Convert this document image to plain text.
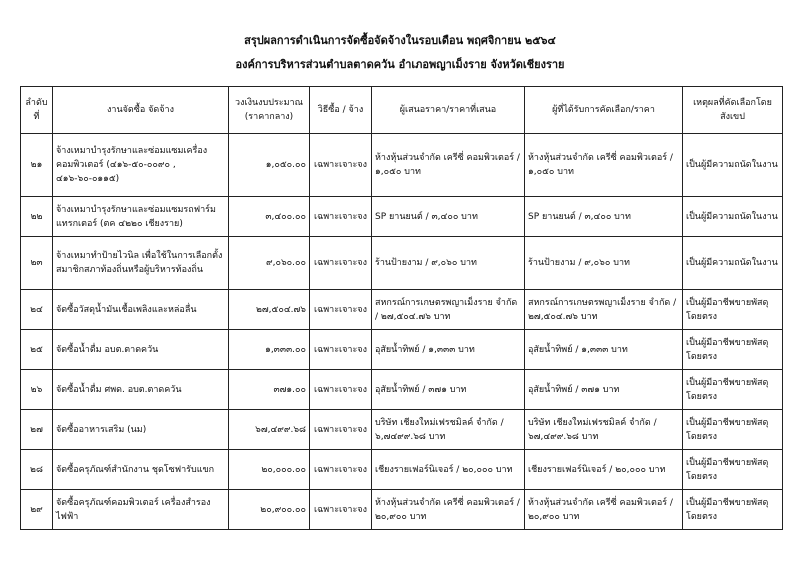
สรุปผลการดำเนินการจัดซื้อจัดจ้างในรอบเดือน พฤศจิกายน ๒๕๖๔
องค์การบริหารส่วนตำบลตาดควัน อำเภอพญาเม็งราย จังหวัดเชียงราย
ลำดับที่	งานจัดซื้อ จัดจ้าง	วงเงินงบประมาณ (ราคากลาง)	วิธีซื้อ / จ้าง	ผู้เสนอราคา/ราคาที่เสนอ	ผู้ที่ได้รับการคัดเลือก/ราคา	เหตุผลที่คัดเลือกโดยสังเขป
๒๑	จ้างเหมาบำรุงรักษาและซ่อมแซมเครื่องคอมพิวเตอร์ (๔๑๖-๕๐-๐๐๙๐ , ๔๑๖-๖๐-๐๑๑๕)	๑,๐๕๐.๐๐	เฉพาะเจาะจง	ห้างหุ้นส่วนจำกัด เครีซี่ คอมพิวเตอร์ / ๑,๐๕๐ บาท	ห้างหุ้นส่วนจำกัด เครีซี่ คอมพิวเตอร์ / ๑,๐๕๐ บาท	เป็นผู้มีความถนัดในงาน
๒๒	จ้างเหมาบำรุงรักษาและซ่อมแซมรถฟาร์มแทรกเตอร์ (ตค ๔๒๒๐ เชียงราย)	๓,๔๐๐.๐๐	เฉพาะเจาะจง	SP ยานยนต์ / ๓,๔๐๐ บาท	SP ยานยนต์ / ๓,๔๐๐ บาท	เป็นผู้มีความถนัดในงาน
๒๓	จ้างเหมาทำป้ายไวนิล เพื่อใช้ในการเลือกตั้งสมาชิกสภาท้องถิ่นหรือผู้บริหารท้องถิ่น	๙,๐๖๐.๐๐	เฉพาะเจาะจง	ร้านป้ายงาม / ๙,๐๖๐ บาท	ร้านป้ายงาม / ๙,๐๖๐ บาท	เป็นผู้มีความถนัดในงาน
๒๔	จัดซื้อวัสดุน้ำมันเชื้อเพลิงและหล่อลื่น	๒๗,๕๐๔.๗๖	เฉพาะเจาะจง	สหกรณ์การเกษตรพญาเม็งราย จำกัด / ๒๗,๕๐๔.๗๖ บาท	สหกรณ์การเกษตรพญาเม็งราย จำกัด / ๒๗,๕๐๔.๗๖ บาท	เป็นผู้มีอาชีพขายพัสดุโดยตรง
๒๕	จัดซื้อน้ำดื่ม อบต.ตาดควัน	๑,๓๓๓.๐๐	เฉพาะเจาะจง	อุสัยน้ำทิพย์ / ๑,๓๓๓ บาท	อุสัยน้ำทิพย์ / ๑,๓๓๓ บาท	เป็นผู้มีอาชีพขายพัสดุโดยตรง
๒๖	จัดซื้อน้ำดื่ม ศพด. อบต.ตาดควัน	๓๗๑.๐๐	เฉพาะเจาะจง	อุสัยน้ำทิพย์ / ๓๗๑ บาท	อุสัยน้ำทิพย์ / ๓๗๑ บาท	เป็นผู้มีอาชีพขายพัสดุโดยตรง
๒๗	จัดซื้ออาหารเสริม (นม)	๖๗,๔๙๙.๖๘	เฉพาะเจาะจง	บริษัท เชียงใหม่เฟรชมิลค์ จำกัด / ๖,๗๔๙๙.๖๘ บาท	บริษัท เชียงใหม่เฟรชมิลค์ จำกัด / ๖๗,๔๙๙.๖๘ บาท	เป็นผู้มีอาชีพขายพัสดุโดยตรง
๒๘	จัดซื้อครุภัณฑ์สำนักงาน ชุดโซฟารับแขก	๒๐,๐๐๐.๐๐	เฉพาะเจาะจง	เชียงรายเฟอร์นิเจอร์ / ๒๐,๐๐๐ บาท	เชียงรายเฟอร์นิเจอร์ / ๒๐,๐๐๐ บาท	เป็นผู้มีอาชีพขายพัสดุโดยตรง
๒๙	จัดซื้อครุภัณฑ์คอมพิวเตอร์ เครื่องสำรองไฟฟ้า	๒๐,๙๐๐.๐๐	เฉพาะเจาะจง	ห้างหุ้นส่วนจำกัด เครีซี่ คอมพิวเตอร์ / ๒๐,๙๐๐ บาท	ห้างหุ้นส่วนจำกัด เครีซี่ คอมพิวเตอร์ / ๒๐,๙๐๐ บาท	เป็นผู้มีอาชีพขายพัสดุโดยตรง
